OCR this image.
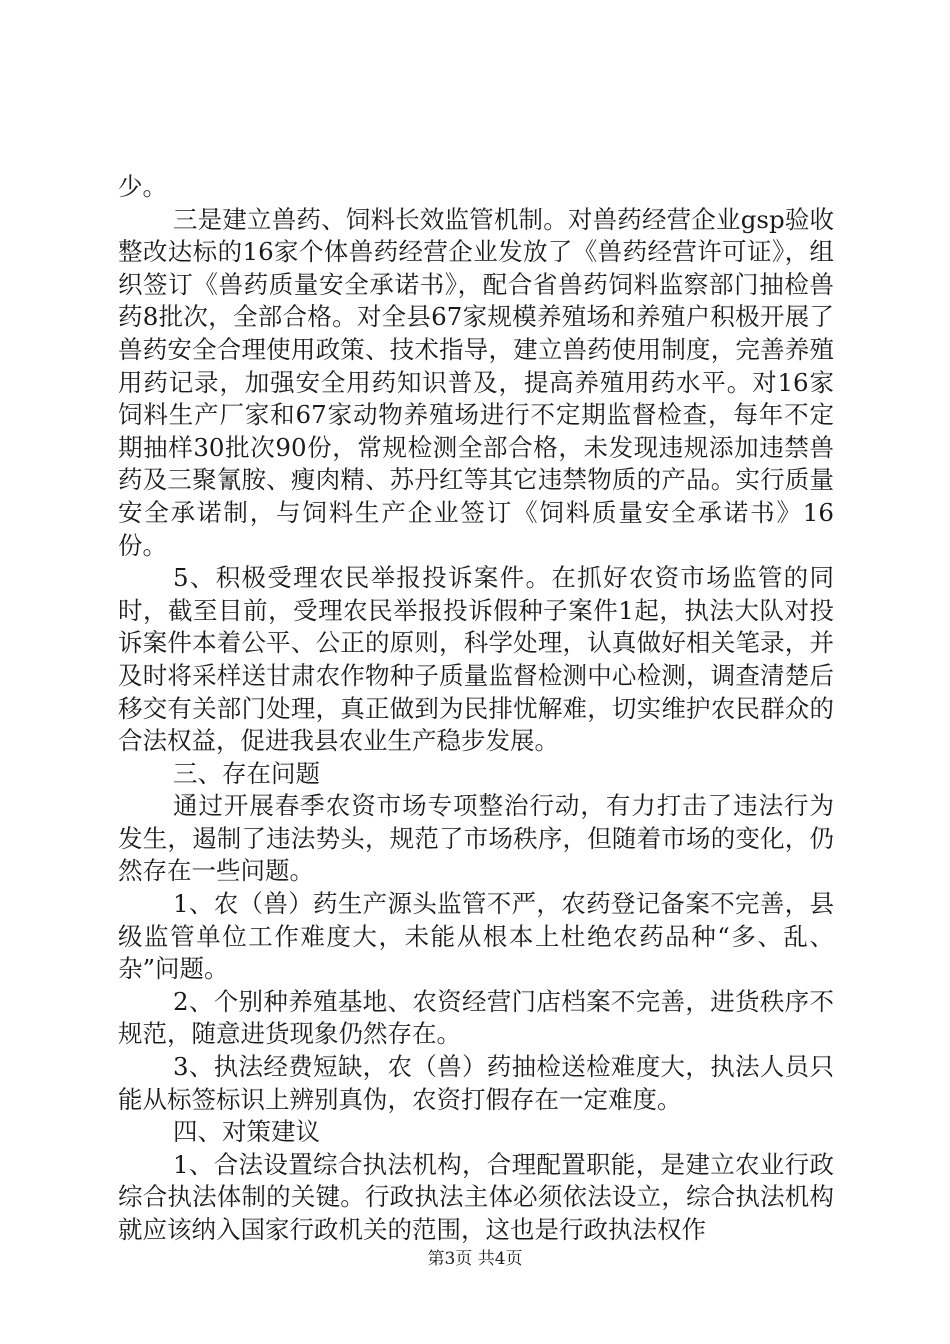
少。

三是建立兽药、饲料长效监管机制。对兽药经营企业gsp验收整改达标的16家个体兽药经营企业发放了《兽药经营许可证》，组织签订《兽药质量安全承诺书》，配合省兽药饲料监察部门抽检兽药8批次，全部合格。对全县67家规模养殖场和养殖户积极开展了兽药安全合理使用政策、技术指导，建立兽药使用制度，完善养殖用药记录，加强安全用药知识普及，提高养殖用药水平。对16家饲料生产厂家和67家动物养殖场进行不定期监督检查，每年不定期抽样30批次90份，常规检测全部合格，未发现违规添加违禁兽药及三聚氰胺、瘦肉精、苏丹红等其它违禁物质的产品。实行质量安全承诺制，与饲料生产企业签订《饲料质量安全承诺书》16份。

5、积极受理农民举报投诉案件。在抓好农资市场监管的同时，截至目前，受理农民举报投诉假种子案件1起，执法大队对投诉案件本着公平、公正的原则，科学处理，认真做好相关笔录，并及时将采样送甘肃农作物种子质量监督检测中心检测，调查清楚后移交有关部门处理，真正做到为民排忧解难，切实维护农民群众的合法权益，促进我县农业生产稳步发展。

三、存在问题

通过开展春季农资市场专项整治行动，有力打击了违法行为发生，遏制了违法势头，规范了市场秩序，但随着市场的变化，仍然存在一些问题。

1、农（兽）药生产源头监管不严，农药登记备案不完善，县级监管单位工作难度大，未能从根本上杜绝农药品种“多、乱、杂”问题。

2、个别种养殖基地、农资经营门店档案不完善，进货秩序不规范，随意进货现象仍然存在。

3、执法经费短缺，农（兽）药抽检送检难度大，执法人员只能从标签标识上辨别真伪，农资打假存在一定难度。

四、对策建议

1、合法设置综合执法机构，合理配置职能，是建立农业行政综合执法体制的关键。行政执法主体必须依法设立，综合执法机构就应该纳入国家行政机关的范围，这也是行政执法权作

第3页 共4页
